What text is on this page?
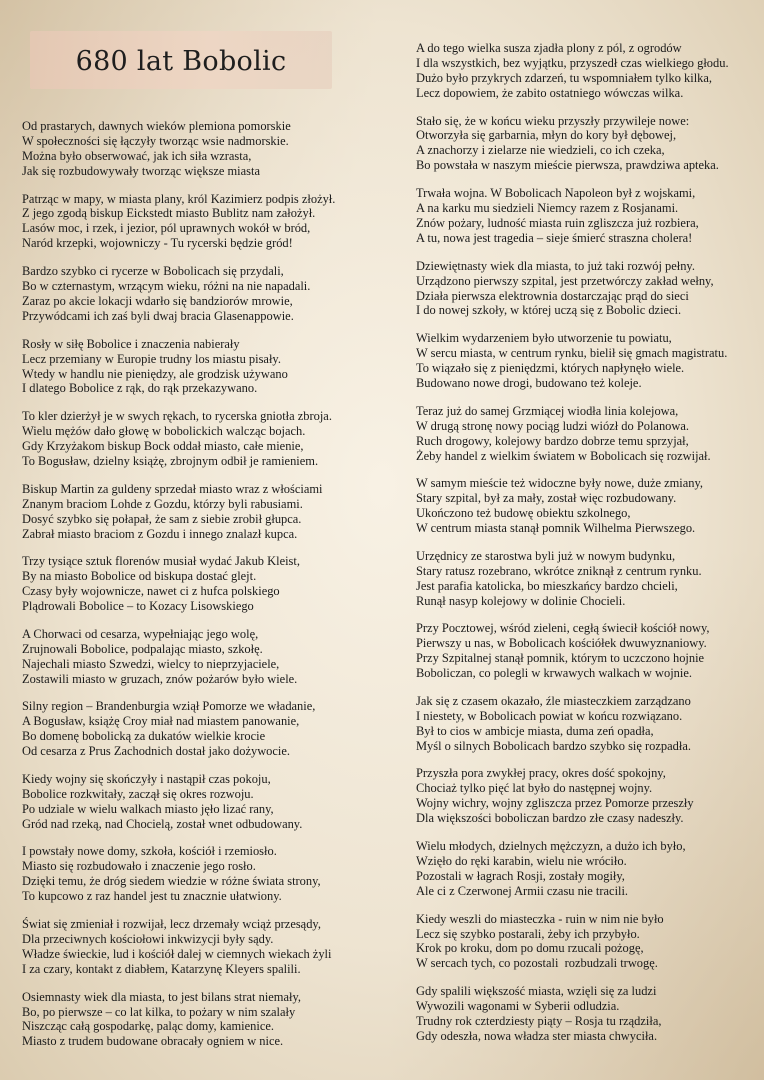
680 lat Bobolic
Od prastarych, dawnych wieków plemiona pomorskie
W społeczności się łączyły tworząc wsie nadmorskie.
Można było obserwować, jak ich siła wzrasta,
Jak się rozbudowywały tworząc większe miasta
Patrząc w mapy, w miasta plany, król Kazimierz podpis złożył.
Z jego zgodą biskup Eickstedt miasto Bublitz nam założył.
Lasów moc, i rzek, i jezior, pól uprawnych wokół w bród,
Naród krzepki, wojowniczy - Tu rycerski będzie gród!
Bardzo szybko ci rycerze w Bobolicach się przydali,
Bo w czternastym, wrzącym wieku, różni na nie napadali.
Zaraz po akcie lokacji wdarło się bandziorów mrowie,
Przywódcami ich zaś byli dwaj bracia Glasenappowie.
Rosły w siłę Bobolice i znaczenia nabierały
Lecz przemiany w Europie trudny los miastu pisały.
Wtedy w handlu nie pieniędzy, ale grodzisk używano
I dlatego Bobolice z rąk, do rąk przekazywano.
To kler dzierżył je w swych rękach, to rycerska gniotła zbroja.
Wielu mężów dało głowę w bobolickich walcząc bojach.
Gdy Krzyżakom biskup Bock oddał miasto, całe mienie,
To Bogusław, dzielny książę, zbrojnym odbił je ramieniem.
Biskup Martin za guldeny sprzedał miasto wraz z włościami
Znanym braciom Lohde z Gozdu, którzy byli rabusiami.
Dosyć szybko się połapał, że sam z siebie zrobił głupca.
Zabrał miasto braciom z Gozdu i innego znalazł kupca.
Trzy tysiące sztuk florenów musiał wydać Jakub Kleist,
By na miasto Bobolice od biskupa dostać glejt.
Czasy były wojownicze, nawet ci z hufca polskiego
Plądrowali Bobolice – to Kozacy Lisowskiego
A Chorwaci od cesarza, wypełniając jego wolę,
Zrujnowali Bobolice, podpalając miasto, szkołę.
Najechali miasto Szwedzi, wielcy to nieprzyjaciele,
Zostawili miasto w gruzach, znów pożarów było wiele.
Silny region – Brandenburgia wziął Pomorze we władanie,
A Bogusław, książę Croy miał nad miastem panowanie,
Bo domenę bobolicką za dukatów wielkie krocie
Od cesarza z Prus Zachodnich dostał jako dożywocie.
Kiedy wojny się skończyły i nastąpił czas pokoju,
Bobolice rozkwitały, zaczął się okres rozwoju.
Po udziale w wielu walkach miasto jęło lizać rany,
Gród nad rzeką, nad Chocielą, został wnet odbudowany.
I powstały nowe domy, szkoła, kościół i rzemiosło.
Miasto się rozbudowało i znaczenie jego rosło.
Dzięki temu, że dróg siedem wiedzie w różne świata strony,
To kupcowo z raz handel jest tu znacznie ułatwiony.
Świat się zmieniał i rozwijał, lecz drzemały wciąż przesądy,
Dla przeciwnych kościołowi inkwizycji były sądy.
Władze świeckie, lud i kościół dalej w ciemnych wiekach żyli
I za czary, kontakt z diabłem, Katarzynę Kleyers spalili.
Osiemnasty wiek dla miasta, to jest bilans strat niemały,
Bo, po pierwsze – co lat kilka, to pożary w nim szalały
Niszcząc całą gospodarkę, paląc domy, kamienice.
Miasto z trudem budowane obracały ogniem w nice.
A do tego wielka susza zjadła plony z pól, z ogrodów
I dla wszystkich, bez wyjątku, przyszedł czas wielkiego głodu.
Dużo było przykrych zdarzeń, tu wspomniałem tylko kilka,
Lecz dopowiem, że zabito ostatniego wówczas wilka.
Stało się, że w końcu wieku przyszły przywileje nowe:
Otworzyła się garbarnia, młyn do kory był dębowej,
A znachorzy i zielarze nie wiedzieli, co ich czeka,
Bo powstała w naszym mieście pierwsza, prawdziwa apteka.
Trwała wojna. W Bobolicach Napoleon był z wojskami,
A na karku mu siedzieli Niemcy razem z Rosjanami.
Znów pożary, ludność miasta ruin zgliszcza już rozbiera,
A tu, nowa jest tragedia – sieje śmierć straszna cholera!
Dziewiętnasty wiek dla miasta, to już taki rozwój pełny.
Urządzono pierwszy szpital, jest przetwórczy zakład wełny,
Działa pierwsza elektrownia dostarczając prąd do sieci
I do nowej szkoły, w której uczą się z Bobolic dzieci.
Wielkim wydarzeniem było utworzenie tu powiatu,
W sercu miasta, w centrum rynku, bielił się gmach magistratu.
To wiązało się z pieniędzmi, których napłynęło wiele.
Budowano nowe drogi, budowano też koleje.
Teraz już do samej Grzmiącej wiodła linia kolejowa,
W drugą stronę nowy pociąg ludzi wiózł do Polanowa.
Ruch drogowy, kolejowy bardzo dobrze temu sprzyjał,
Żeby handel z wielkim światem w Bobolicach się rozwijał.
W samym mieście też widoczne były nowe, duże zmiany,
Stary szpital, był za mały, został więc rozbudowany.
Ukończono też budowę obiektu szkolnego,
W centrum miasta stanął pomnik Wilhelma Pierwszego.
Urzędnicy ze starostwa byli już w nowym budynku,
Stary ratusz rozebrano, wkrótce zniknął z centrum rynku.
Jest parafia katolicka, bo mieszkańcy bardzo chcieli,
Runął nasyp kolejowy w dolinie Chocieli.
Przy Pocztowej, wśród zieleni, cegłą świecił kościół nowy,
Pierwszy u nas, w Bobolicach kościółek dwuwyznaniowy.
Przy Szpitalnej stanął pomnik, którym to uczczono hojnie
Boboliczan, co polegli w krwawych walkach w wojnie.
Jak się z czasem okazało, źle miasteczkiem zarządzano
I niestety, w Bobolicach powiat w końcu rozwiązano.
Był to cios w ambicje miasta, duma zeń opadła,
Myśl o silnych Bobolicach bardzo szybko się rozpadła.
Przyszła pora zwykłej pracy, okres dość spokojny,
Chociaż tylko pięć lat było do następnej wojny.
Wojny wichry, wojny zgliszcza przez Pomorze przeszły
Dla większości boboliczan bardzo złe czasy nadeszły.
Wielu młodych, dzielnych mężczyzn, a dużo ich było,
Wzięło do ręki karabin, wielu nie wróciło.
Pozostali w łagrach Rosji, zostały mogiły,
Ale ci z Czerwonej Armii czasu nie tracili.
Kiedy weszli do miasteczka - ruin w nim nie było
Lecz się szybko postarali, żeby ich przybyło.
Krok po kroku, dom po domu rzucali pożogę,
W sercach tych, co pozostali  rozbudzali trwogę.
Gdy spalili większość miasta, wzięli się za ludzi
Wywozili wagonami w Syberii odludzia.
Trudny rok czterdziesty piąty – Rosja tu rządziła,
Gdy odeszła, nowa władza ster miasta chwyciła.
